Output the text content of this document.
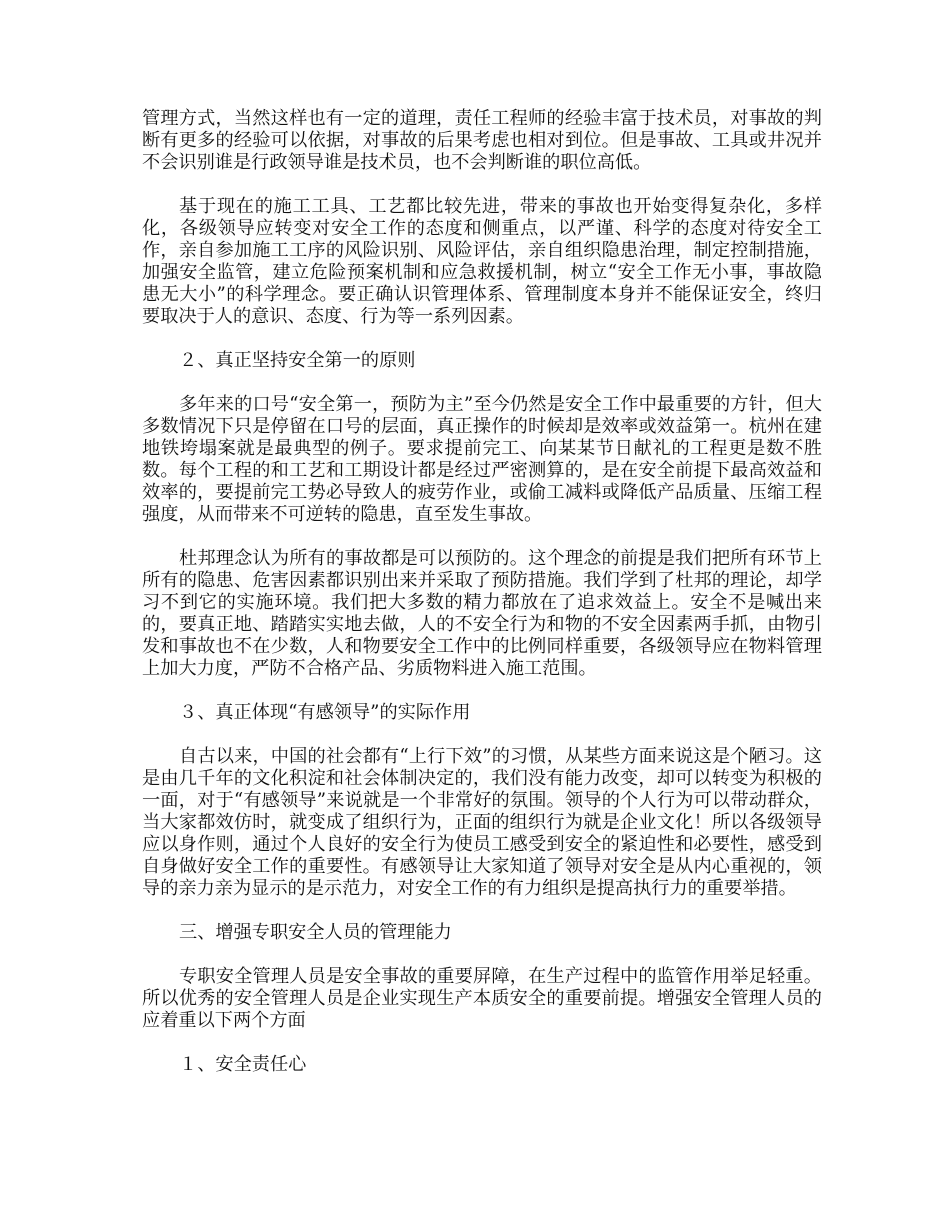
管理方式，当然这样也有一定的道理，责任工程师的经验丰富于技术员，对事故的判断有更多的经验可以依据，对事故的后果考虑也相对到位。但是事故、工具或井况并不会识别谁是行政领导谁是技术员，也不会判断谁的职位高低。

基于现在的施工工具、工艺都比较先进，带来的事故也开始变得复杂化，多样化，各级领导应转变对安全工作的态度和侧重点，以严谨、科学的态度对待安全工作，亲自参加施工工序的风险识别、风险评估，亲自组织隐患治理，制定控制措施，加强安全监管，建立危险预案机制和应急救援机制，树立“安全工作无小事，事故隐患无大小”的科学理念。要正确认识管理体系、管理制度本身并不能保证安全，终归要取决于人的意识、态度、行为等一系列因素。

２、真正坚持安全第一的原则

多年来的口号“安全第一，预防为主”至今仍然是安全工作中最重要的方针，但大多数情况下只是停留在口号的层面，真正操作的时候却是效率或效益第一。杭州在建地铁垮塌案就是最典型的例子。要求提前完工、向某某节日献礼的工程更是数不胜数。每个工程的和工艺和工期设计都是经过严密测算的，是在安全前提下最高效益和效率的，要提前完工势必导致人的疲劳作业，或偷工减料或降低产品质量、压缩工程强度，从而带来不可逆转的隐患，直至发生事故。

杜邦理念认为所有的事故都是可以预防的。这个理念的前提是我们把所有环节上所有的隐患、危害因素都识别出来并采取了预防措施。我们学到了杜邦的理论，却学习不到它的实施环境。我们把大多数的精力都放在了追求效益上。安全不是喊出来的，要真正地、踏踏实实地去做，人的不安全行为和物的不安全因素两手抓，由物引发和事故也不在少数，人和物要安全工作中的比例同样重要，各级领导应在物料管理上加大力度，严防不合格产品、劣质物料进入施工范围。

３、真正体现“有感领导”的实际作用

自古以来，中国的社会都有“上行下效”的习惯，从某些方面来说这是个陋习。这是由几千年的文化积淀和社会体制决定的，我们没有能力改变，却可以转变为积极的一面，对于“有感领导”来说就是一个非常好的氛围。领导的个人行为可以带动群众，当大家都效仿时，就变成了组织行为，正面的组织行为就是企业文化！所以各级领导应以身作则，通过个人良好的安全行为使员工感受到安全的紧迫性和必要性，感受到自身做好安全工作的重要性。有感领导让大家知道了领导对安全是从内心重视的，领导的亲力亲为显示的是示范力，对安全工作的有力组织是提高执行力的重要举措。

三、增强专职安全人员的管理能力

专职安全管理人员是安全事故的重要屏障，在生产过程中的监管作用举足轻重。所以优秀的安全管理人员是企业实现生产本质安全的重要前提。增强安全管理人员的应着重以下两个方面

１、安全责任心
